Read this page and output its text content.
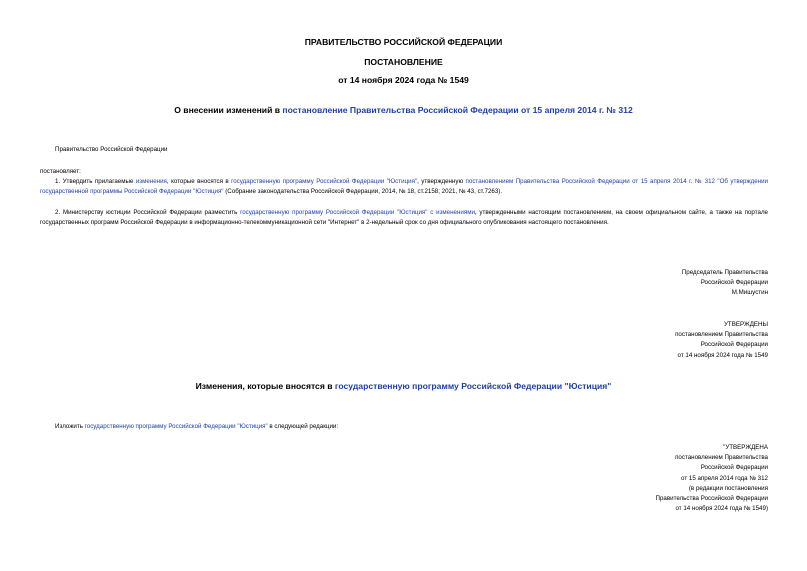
ПРАВИТЕЛЬСТВО РОССИЙСКОЙ ФЕДЕРАЦИИ
ПОСТАНОВЛЕНИЕ
от 14 ноября 2024 года № 1549
О внесении изменений в постановление Правительства Российской Федерации от 15 апреля 2014 г. № 312
Правительство Российской Федерации
постановляет:
1. Утвердить прилагаемые изменения, которые вносятся в государственную программу Российской Федерации "Юстиция", утвержденную постановлением Правительства Российской Федерации от 15 апреля 2014 г. № 312 "Об утверждении государственной программы Российской Федерации "Юстиция" (Собрание законодательства Российской Федерации, 2014, № 18, ст.2158; 2021, № 43, ст.7263).
2. Министерству юстиции Российской Федерации разместить государственную программу Российской Федерации "Юстиция" с изменениями, утвержденными настоящим постановлением, на своем официальном сайте, а также на портале государственных программ Российской Федерации в информационно-телекоммуникационной сети "Интернет" в 2-недельный срок со дня официального опубликования настоящего постановления.
Председатель Правительства
Российской Федерации
М.Мишустин
УТВЕРЖДЕНЫ
постановлением Правительства
Российской Федерации
от 14 ноября 2024 года № 1549
Изменения, которые вносятся в государственную программу Российской Федерации "Юстиция"
Изложить государственную программу Российской Федерации "Юстиция" в следующей редакции:
"УТВЕРЖДЕНА
постановлением Правительства
Российской Федерации
от 15 апреля 2014 года № 312
(в редакции постановления
Правительства Российской Федерации
от 14 ноября 2024 года № 1549)
